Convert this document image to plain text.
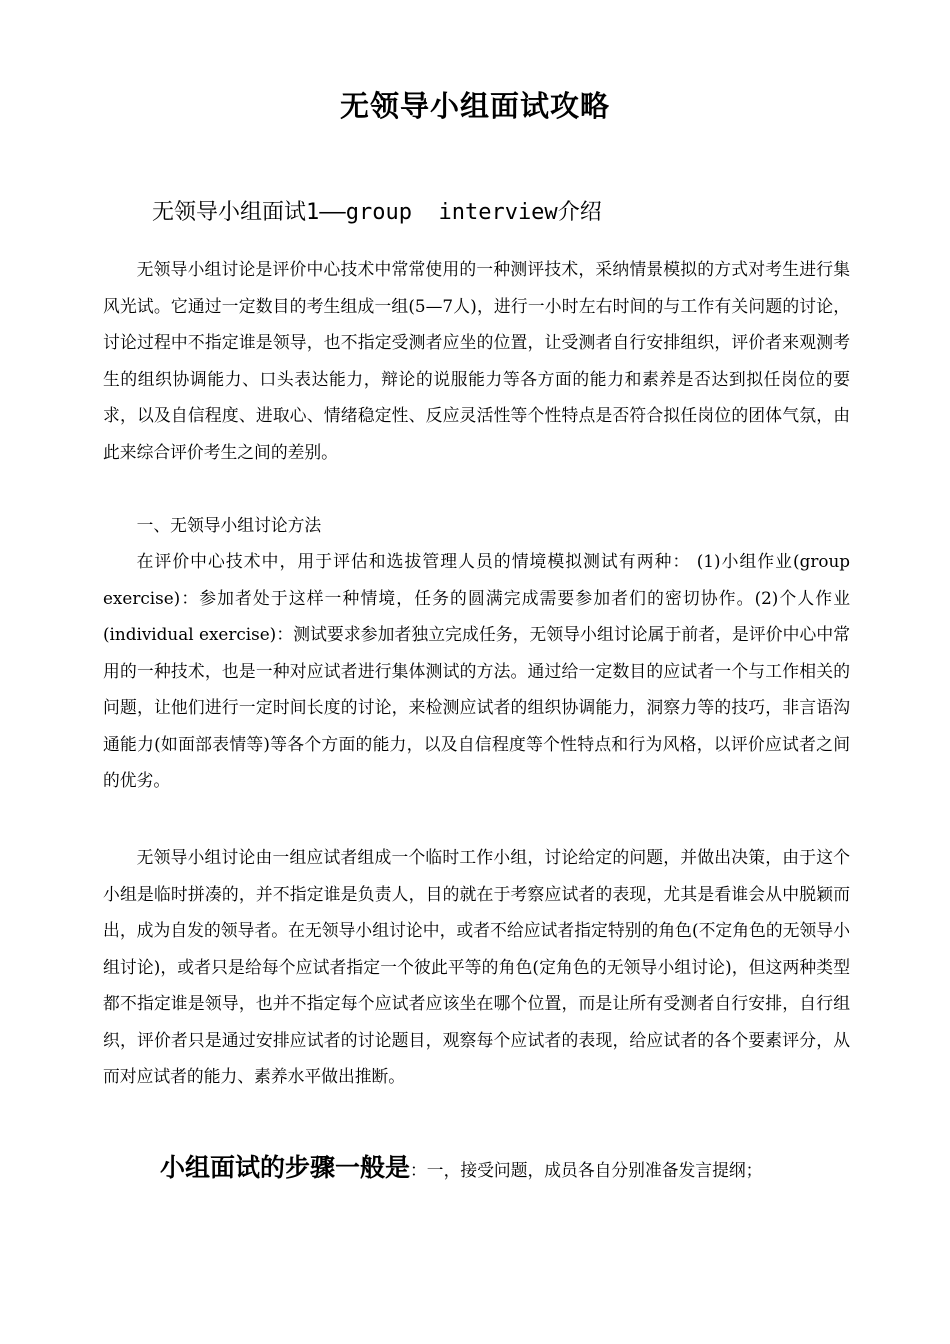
无领导小组面试攻略
无领导小组面试1——group  interview介绍

无领导小组讨论是评价中心技术中常常使用的一种测评技术，采纳情景模拟的方式对考生进行集风光试。它通过一定数目的考生组成一组(5—7人)，进行一小时左右时间的与工作有关问题的讨论，讨论过程中不指定谁是领导，也不指定受测者应坐的位置，让受测者自行安排组织，评价者来观测考生的组织协调能力、口头表达能力，辩论的说服能力等各方面的能力和素养是否达到拟任岗位的要求，以及自信程度、进取心、情绪稳定性、反应灵活性等个性特点是否符合拟任岗位的团体气氛，由此来综合评价考生之间的差别。

一、无领导小组讨论方法

在评价中心技术中，用于评估和选拔管理人员的情境模拟测试有两种： (1)小组作业(group exercise)：参加者处于这样一种情境，任务的圆满完成需要参加者们的密切协作。(2)个人作业(individual exercise)：测试要求参加者独立完成任务，无领导小组讨论属于前者，是评价中心中常用的一种技术，也是一种对应试者进行集体测试的方法。通过给一定数目的应试者一个与工作相关的问题，让他们进行一定时间长度的讨论，来检测应试者的组织协调能力，洞察力等的技巧，非言语沟通能力(如面部表情等)等各个方面的能力，以及自信程度等个性特点和行为风格，以评价应试者之间的优劣。

无领导小组讨论由一组应试者组成一个临时工作小组，讨论给定的问题，并做出决策，由于这个小组是临时拼凑的，并不指定谁是负责人，目的就在于考察应试者的表现，尤其是看谁会从中脱颖而出，成为自发的领导者。在无领导小组讨论中，或者不给应试者指定特别的角色(不定角色的无领导小组讨论)，或者只是给每个应试者指定一个彼此平等的角色(定角色的无领导小组讨论)，但这两种类型都不指定谁是领导，也并不指定每个应试者应该坐在哪个位置，而是让所有受测者自行安排，自行组织，评价者只是通过安排应试者的讨论题目，观察每个应试者的表现，给应试者的各个要素评分，从而对应试者的能力、素养水平做出推断。

小组面试的步骤一般是：一，接受问题，成员各自分别准备发言提纲；
